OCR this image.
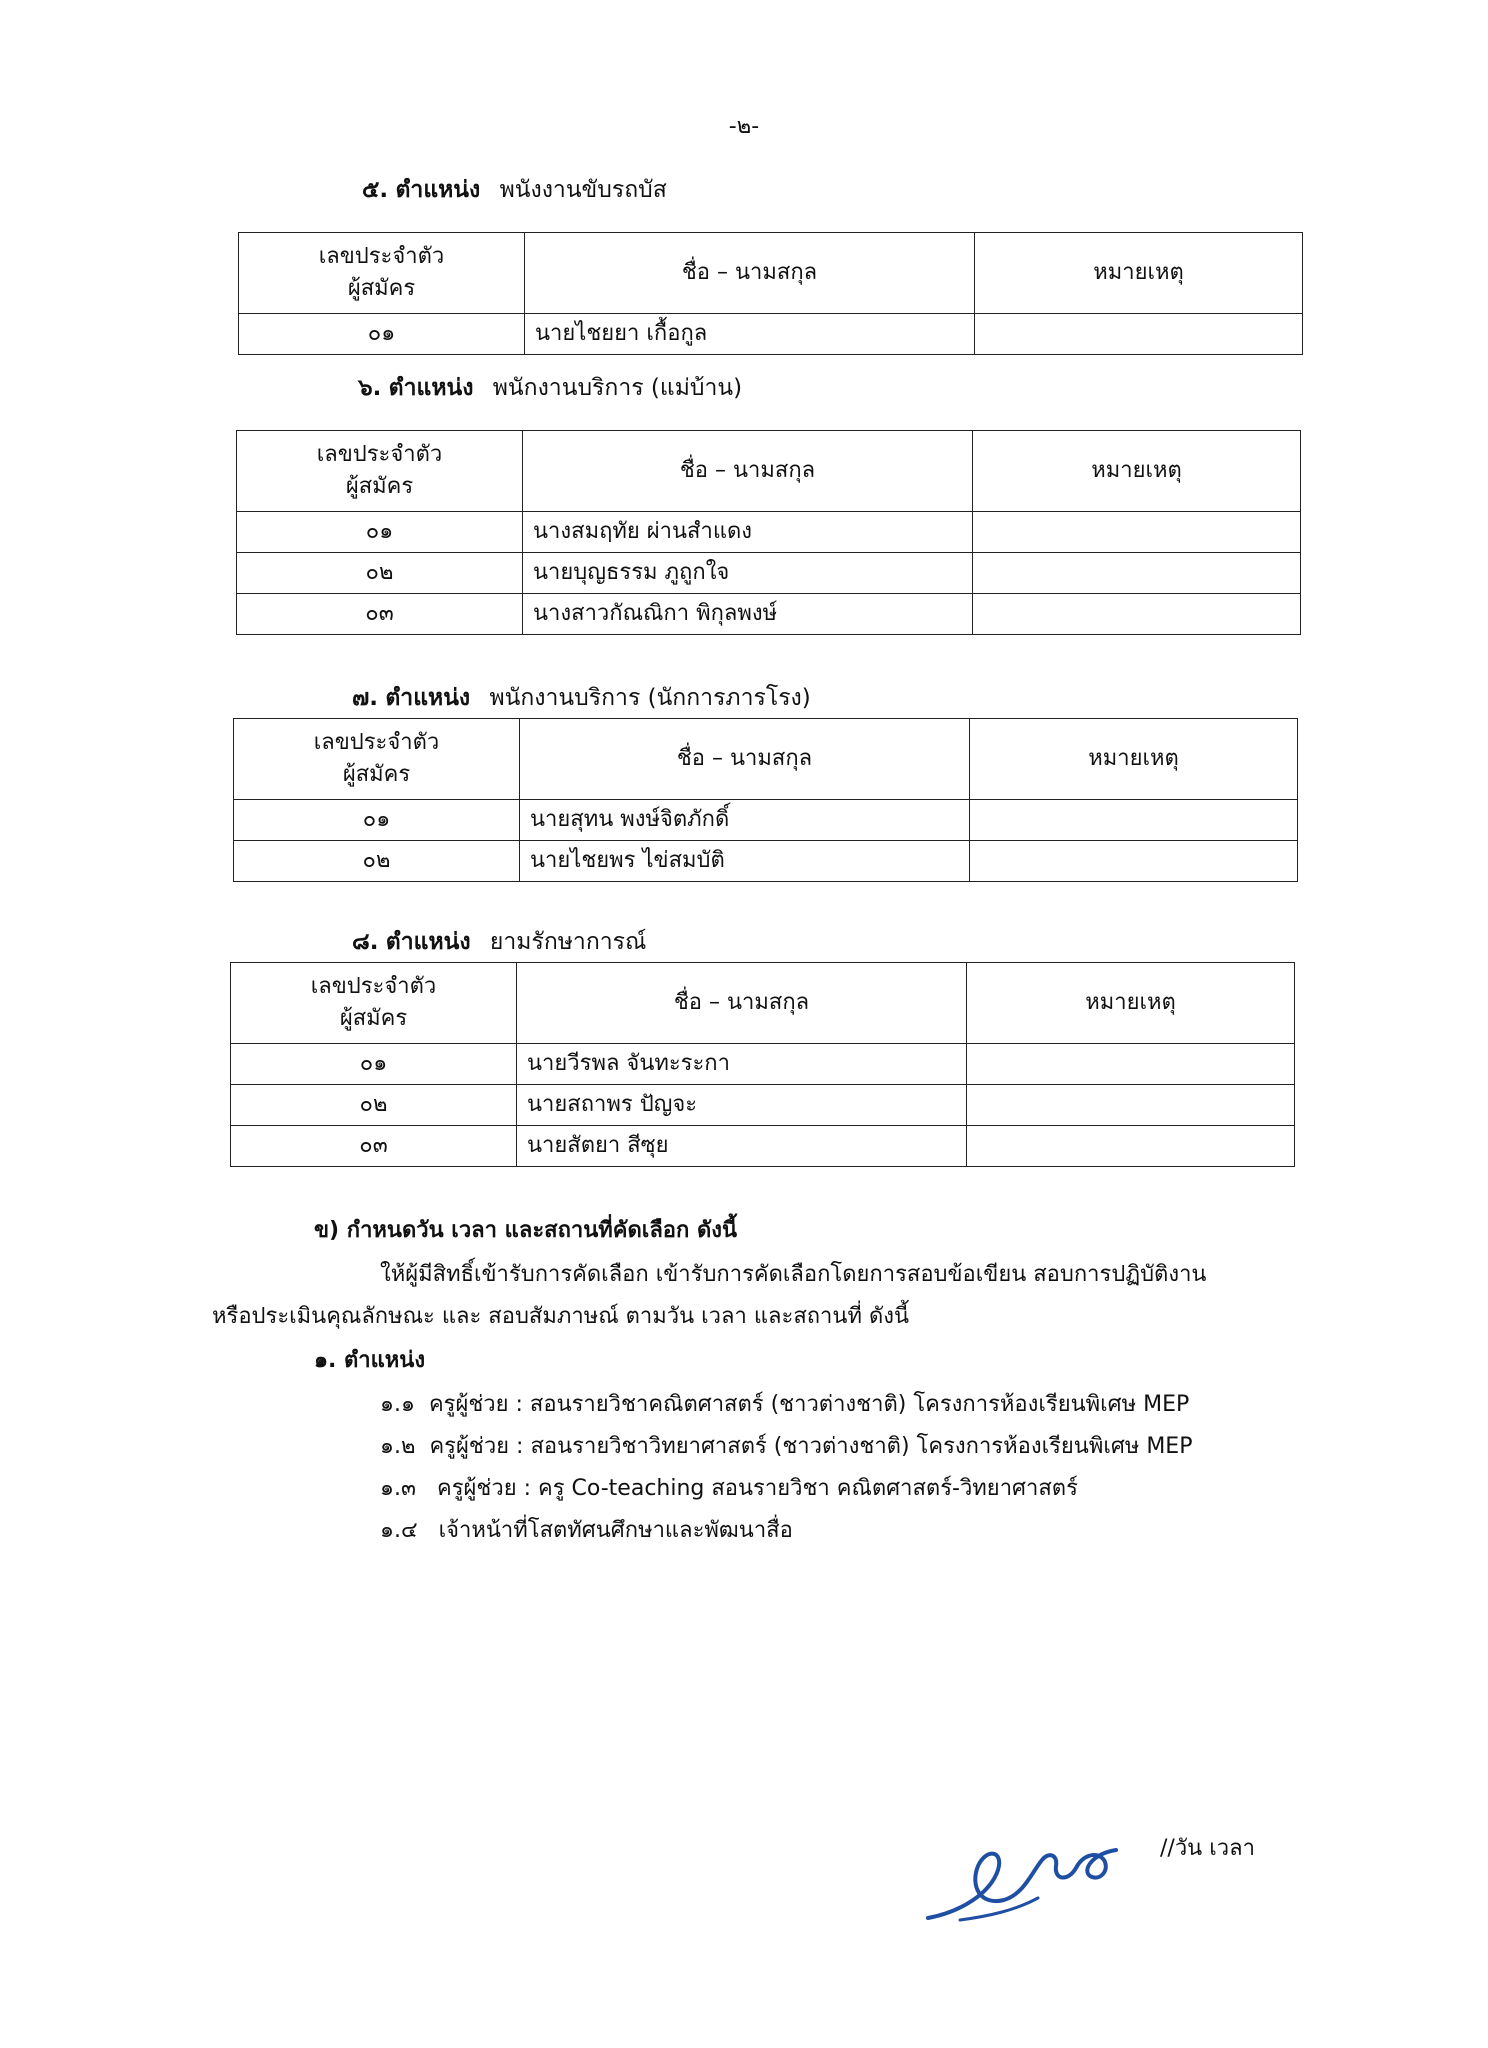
-๒-
๕. ตำแหน่ง พนังงานขับรถบัส
เลขประจำตัว
ผู้สมัคร	ชื่อ – นามสกุล	หมายเหตุ
๐๑	นายไชยยา เกื้อกูล	
๖. ตำแหน่ง พนักงานบริการ (แม่บ้าน)
เลขประจำตัว
ผู้สมัคร	ชื่อ – นามสกุล	หมายเหตุ
๐๑	นางสมฤทัย ผ่านสำแดง	
๐๒	นายบุญธรรม ภูถูกใจ	
๐๓	นางสาวกัณณิกา พิกุลพงษ์	
๗. ตำแหน่ง พนักงานบริการ (นักการภารโรง)
เลขประจำตัว
ผู้สมัคร	ชื่อ – นามสกุล	หมายเหตุ
๐๑	นายสุทน พงษ์จิตภักดิ์	
๐๒	นายไชยพร ไข่สมบัติ	
๘. ตำแหน่ง ยามรักษาการณ์
เลขประจำตัว
ผู้สมัคร	ชื่อ – นามสกุล	หมายเหตุ
๐๑	นายวีรพล จันทะระกา	
๐๒	นายสถาพร ปัญจะ	
๐๓	นายสัตยา สีซุย	
ข) กำหนดวัน เวลา และสถานที่คัดเลือก ดังนี้
ให้ผู้มีสิทธิ์เข้ารับการคัดเลือก เข้ารับการคัดเลือกโดยการสอบข้อเขียน สอบการปฏิบัติงาน
หรือประเมินคุณลักษณะ และ สอบสัมภาษณ์ ตามวัน เวลา และสถานที่ ดังนี้
๑. ตำแหน่ง
๑.๑ ครูผู้ช่วย : สอนรายวิชาคณิตศาสตร์ (ชาวต่างชาติ) โครงการห้องเรียนพิเศษ MEP
๑.๒ ครูผู้ช่วย : สอนรายวิชาวิทยาศาสตร์ (ชาวต่างชาติ) โครงการห้องเรียนพิเศษ MEP
๑.๓ ครูผู้ช่วย : ครู Co-teaching สอนรายวิชา คณิตศาสตร์-วิทยาศาสตร์
๑.๔ เจ้าหน้าที่โสตทัศนศึกษาและพัฒนาสื่อ
//วัน เวลา
